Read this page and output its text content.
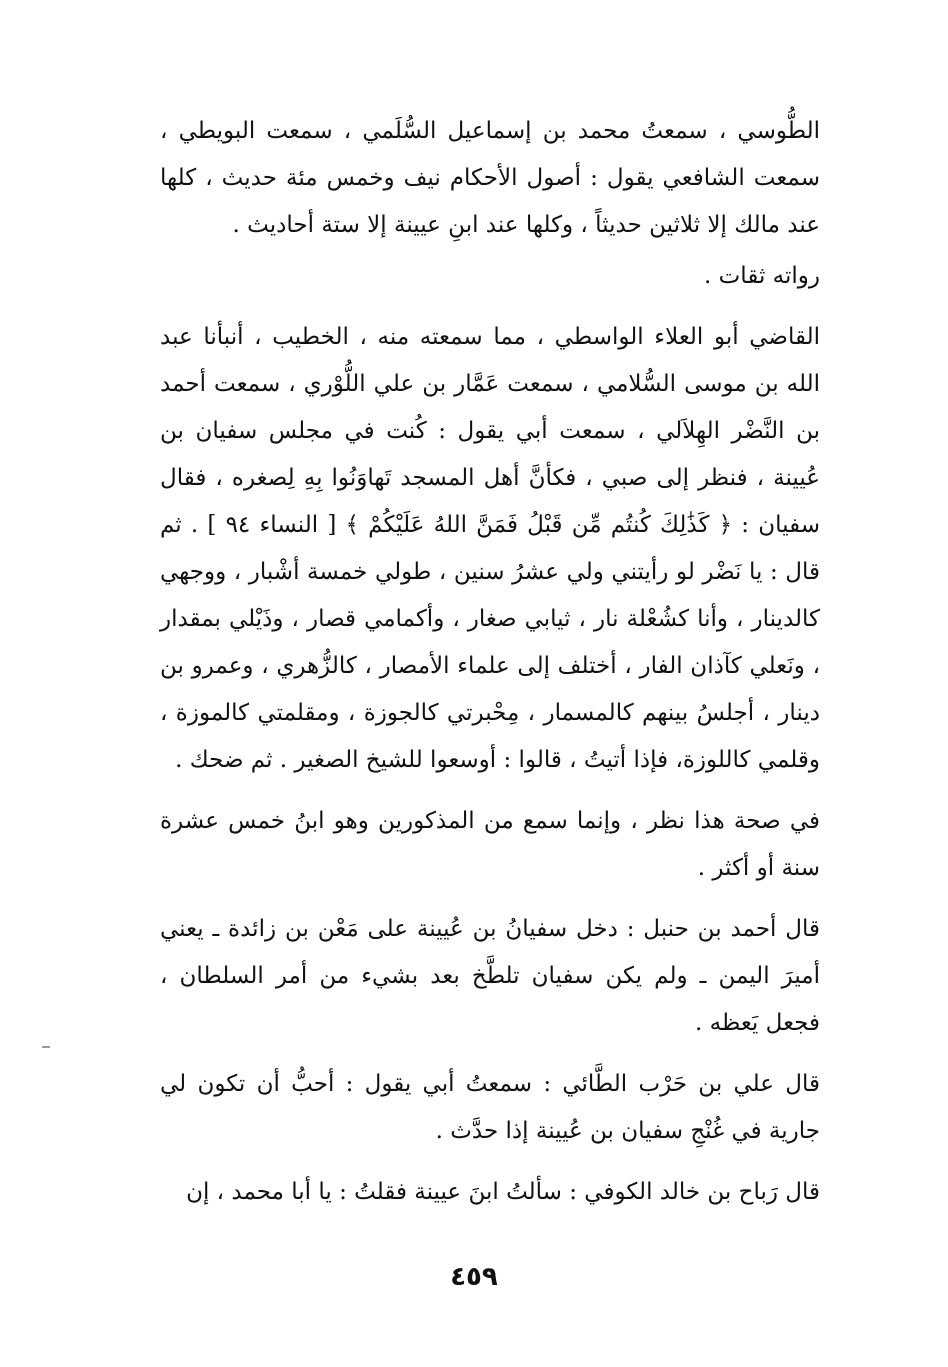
الطُّوسي ، سمعتُ محمد بن إسماعيل السُّلَمي ، سمعت البويطي ، سمعت الشافعي يقول : أصول الأحكام نيف وخمس مئة حديث ، كلها عند مالك إلا ثلاثين حديثاً ، وكلها عند ابنِ عيينة إلا ستة أحاديث .

رواته ثقات .

القاضي أبو العلاء الواسطي ، مما سمعته منه ، الخطيب ، أنبأنا عبد الله بن موسى السُّلامي ، سمعت عَمَّار بن علي اللُّوْري ، سمعت أحمد بن النَّضْر الهِلاَلي ، سمعت أبي يقول : كُنت في مجلس سفيان بن عُيينة ، فنظر إلى صبي ، فكأنَّ أهل المسجد تَهاوَنُوا بِهِ لِصغره ، فقال سفيان : ﴿ كَذَٰلِكَ كُنتُم مِّن قَبْلُ فَمَنَّ اللهُ عَلَيْكُمْ ﴾ [ النساء ٩٤ ] . ثم قال : يا نَضْر لو رأيتني ولي عشرُ سنين ، طولي خمسة أشْبار ، ووجهي كالدينار ، وأنا كشُعْلة نار ، ثيابي صغار ، وأكمامي قصار ، وذَيْلي بمقدار ، ونَعلي كآذان الفار ، أختلف إلى علماء الأمصار ، كالزُّهري ، وعمرو بن دينار ، أجلسُ بينهم كالمسمار ، مِحْبرتي كالجوزة ، ومقلمتي كالموزة ، وقلمي كاللوزة، فإذا أتيتُ ، قالوا : أوسعوا للشيخ الصغير . ثم ضحك .

في صحة هذا نظر ، وإنما سمع من المذكورين وهو ابنُ خمس عشرة سنة أو أكثر .

قال أحمد بن حنبل : دخل سفيانُ بن عُيينة على مَعْن بن زائدة ـ يعني أميرَ اليمن ـ ولم يكن سفيان تلطَّخ بعد بشيء من أمر السلطان ، فجعل يَعظه .

قال علي بن حَرْب الطَّائي : سمعتُ أبي يقول : أحبُّ أن تكون لي جارية في غُنْجِ سفيان بن عُيينة إذا حدَّث .

قال رَباح بن خالد الكوفي : سألتُ ابنَ عيينة فقلتُ : يا أبا محمد ، إن

٤٥٩
